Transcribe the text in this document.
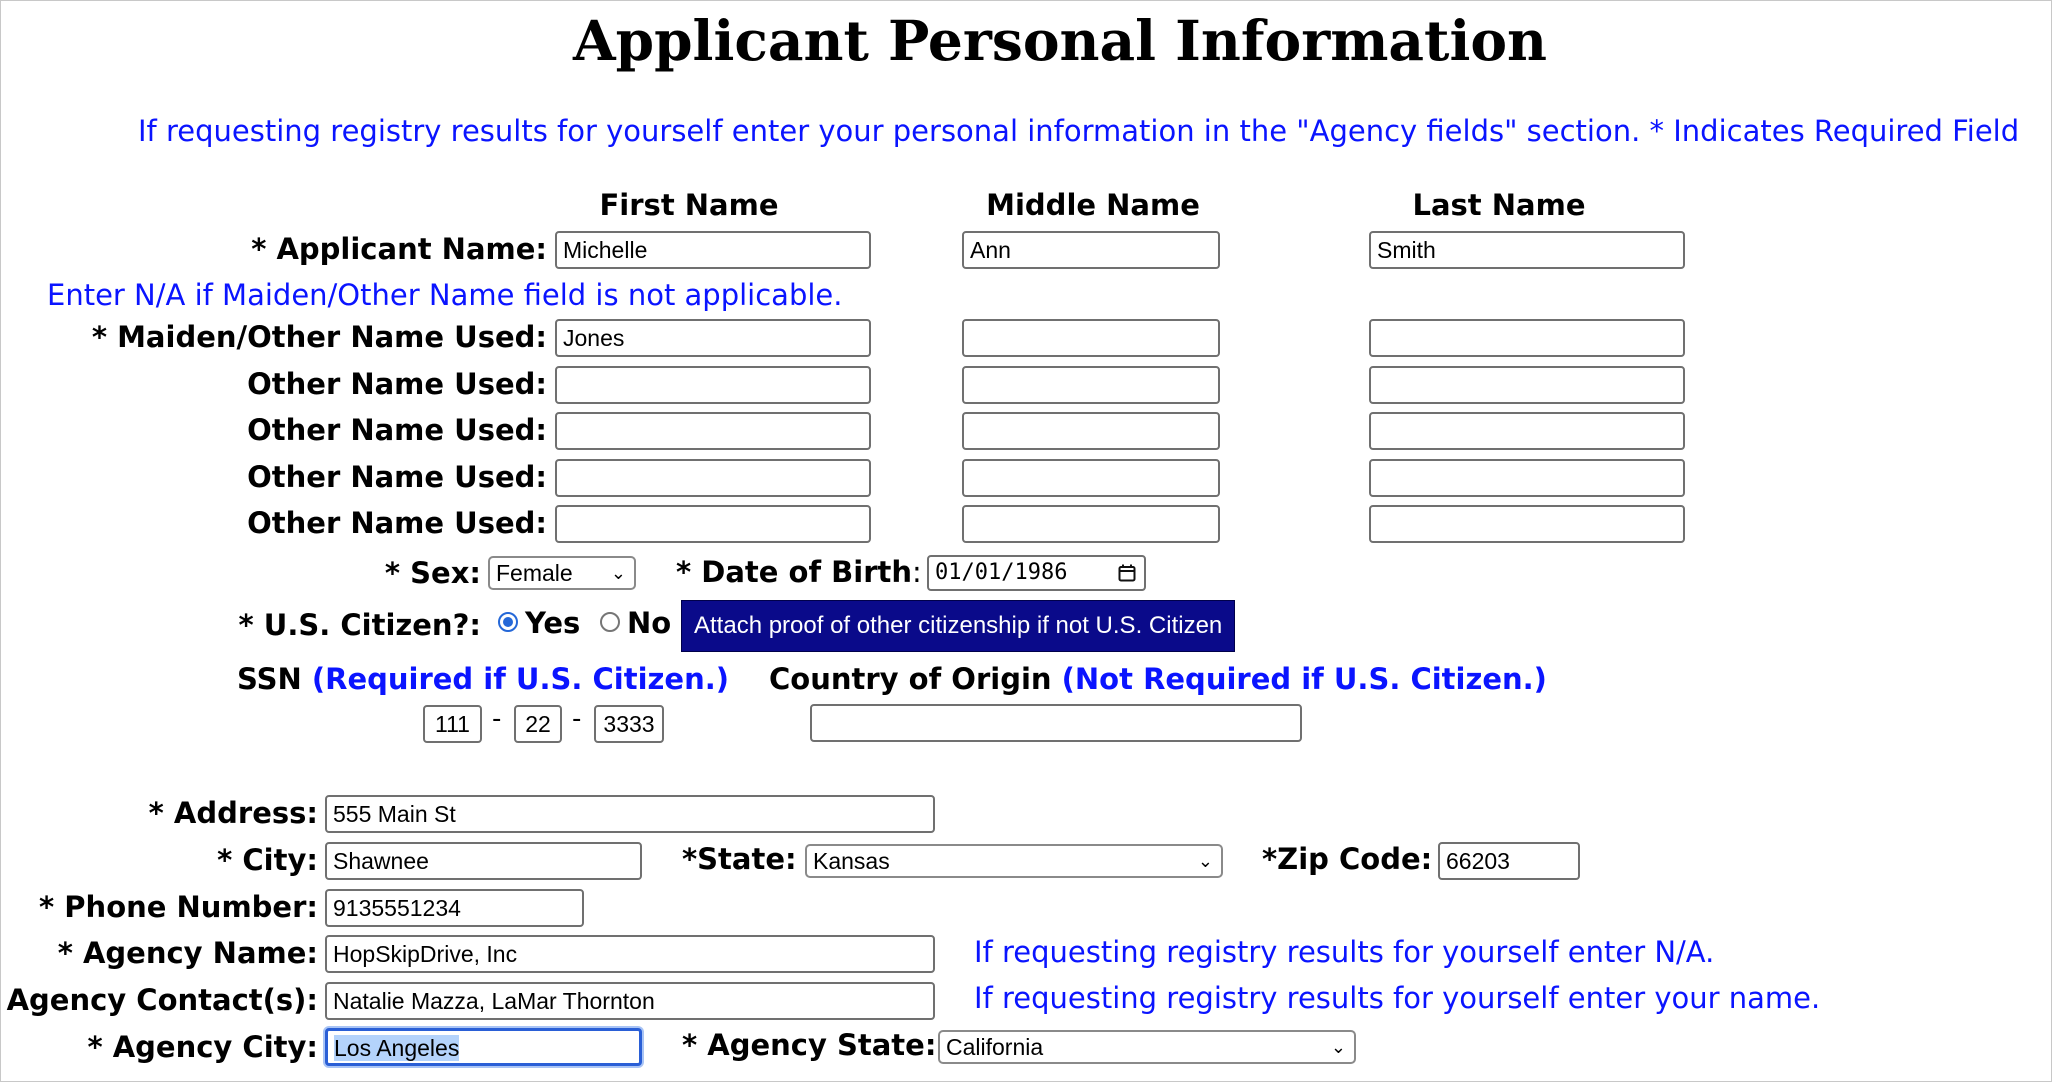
Applicant Personal Information
If requesting registry results for yourself enter your personal information in the "Agency fields" section. * Indicates Required Field
First Name	Middle Name	Last Name
* Applicant Name: Michelle	Ann	Smith
Enter N/A if Maiden/Other Name field is not applicable.
* Maiden/Other Name Used: Jones
Other Name Used:
Other Name Used:
Other Name Used:
Other Name Used:
* Sex: Female ⌄ * Date of Birth: 01/01/1986
* U.S. Citizen?: Yes No Attach proof of other citizenship if not U.S. Citizen
SSN (Required if U.S. Citizen.) Country of Origin (Not Required if U.S. Citizen.)
111 -	22 - 3333
* Address: 555 Main St
* City: Shawnee	*State: Kansas	⌄ *Zip Code: 66203
* Phone Number: 9135551234
* Agency Name: HopSkipDrive, Inc	If requesting registry results for yourself enter N/A.
Agency Contact(s): Natalie Mazza, LaMar Thornton	If requesting registry results for yourself enter your name.
* Agency City: Los Angeles	* Agency State: California	⌄
